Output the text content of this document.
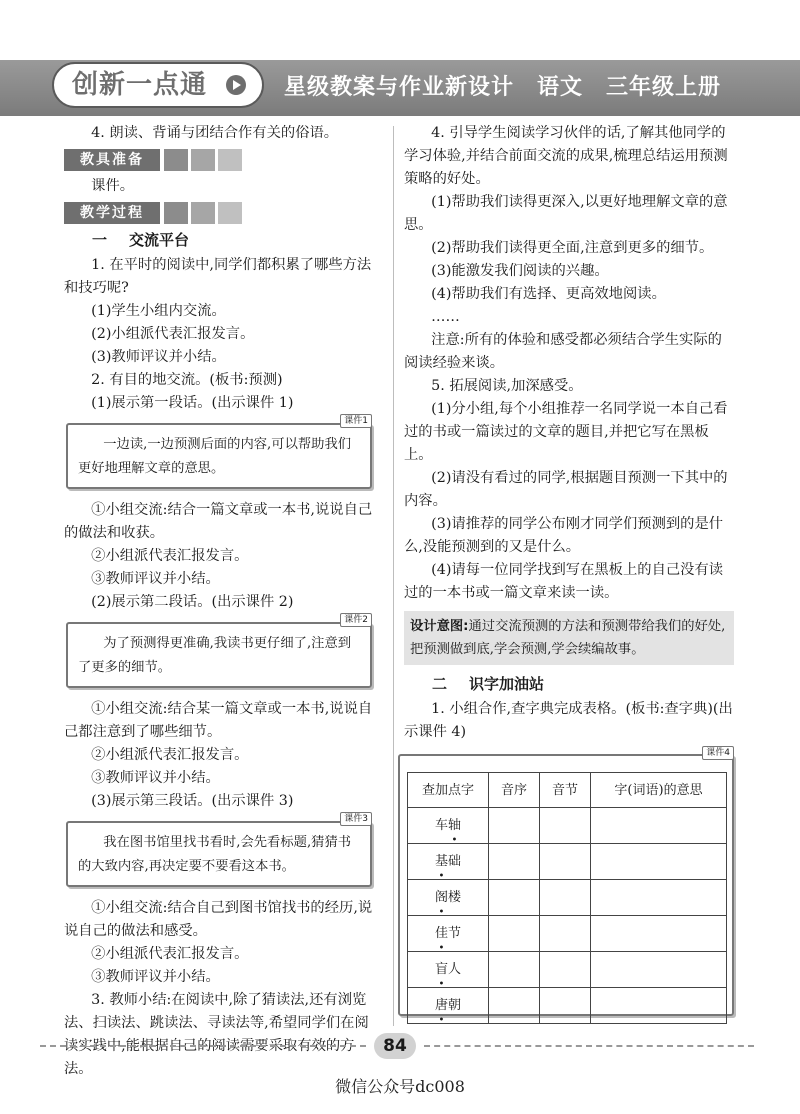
创新一点通	星级教案与作业新设计　语文　三年级上册

4. 朗读、背诵与团结合作有关的俗语。

教具准备

课件。

教学过程
一 交流平台

1. 在平时的阅读中,同学们都积累了哪些方法和技巧呢?

(1)学生小组内交流。

(2)小组派代表汇报发言。

(3)教师评议并小结。

2. 有目的地交流。(板书:预测)

(1)展示第一段话。(出示课件 1)

课件1

一边读,一边预测后面的内容,可以帮助我们更好地理解文章的意思。

①小组交流:结合一篇文章或一本书,说说自己的做法和收获。

②小组派代表汇报发言。

③教师评议并小结。

(2)展示第二段话。(出示课件 2)

课件2

为了预测得更准确,我读书更仔细了,注意到了更多的细节。

①小组交流:结合某一篇文章或一本书,说说自己都注意到了哪些细节。

②小组派代表汇报发言。

③教师评议并小结。

(3)展示第三段话。(出示课件 3)

课件3

我在图书馆里找书看时,会先看标题,猜猜书的大致内容,再决定要不要看这本书。

①小组交流:结合自己到图书馆找书的经历,说说自己的做法和感受。

②小组派代表汇报发言。

③教师评议并小结。

3. 教师小结:在阅读中,除了猜读法,还有浏览法、扫读法、跳读法、寻读法等,希望同学们在阅读实践中,能根据自己的阅读需要采取有效的方法。

4. 引导学生阅读学习伙伴的话,了解其他同学的学习体验,并结合前面交流的成果,梳理总结运用预测策略的好处。

(1)帮助我们读得更深入,以更好地理解文章的意思。

(2)帮助我们读得更全面,注意到更多的细节。

(3)能激发我们阅读的兴趣。

(4)帮助我们有选择、更高效地阅读。

……

注意:所有的体验和感受都必须结合学生实际的阅读经验来谈。

5. 拓展阅读,加深感受。

(1)分小组,每个小组推荐一名同学说一本自己看过的书或一篇读过的文章的题目,并把它写在黑板上。

(2)请没有看过的同学,根据题目预测一下其中的内容。

(3)请推荐的同学公布刚才同学们预测到的是什么,没能预测到的又是什么。

(4)请每一位同学找到写在黑板上的自己没有读过的一本书或一篇文章来读一读。

设计意图:通过交流预测的方法和预测带给我们的好处,把预测做到底,学会预测,学会续编故事。
二 识字加油站

1. 小组合作,查字典完成表格。(板书:查字典)(出示课件 4)

课件4
查加点字	音序	音节	字(词语)的意思
车轴			
基础			
阁楼			
佳节			
盲人			
唐朝			
84
微信公众号dc008
